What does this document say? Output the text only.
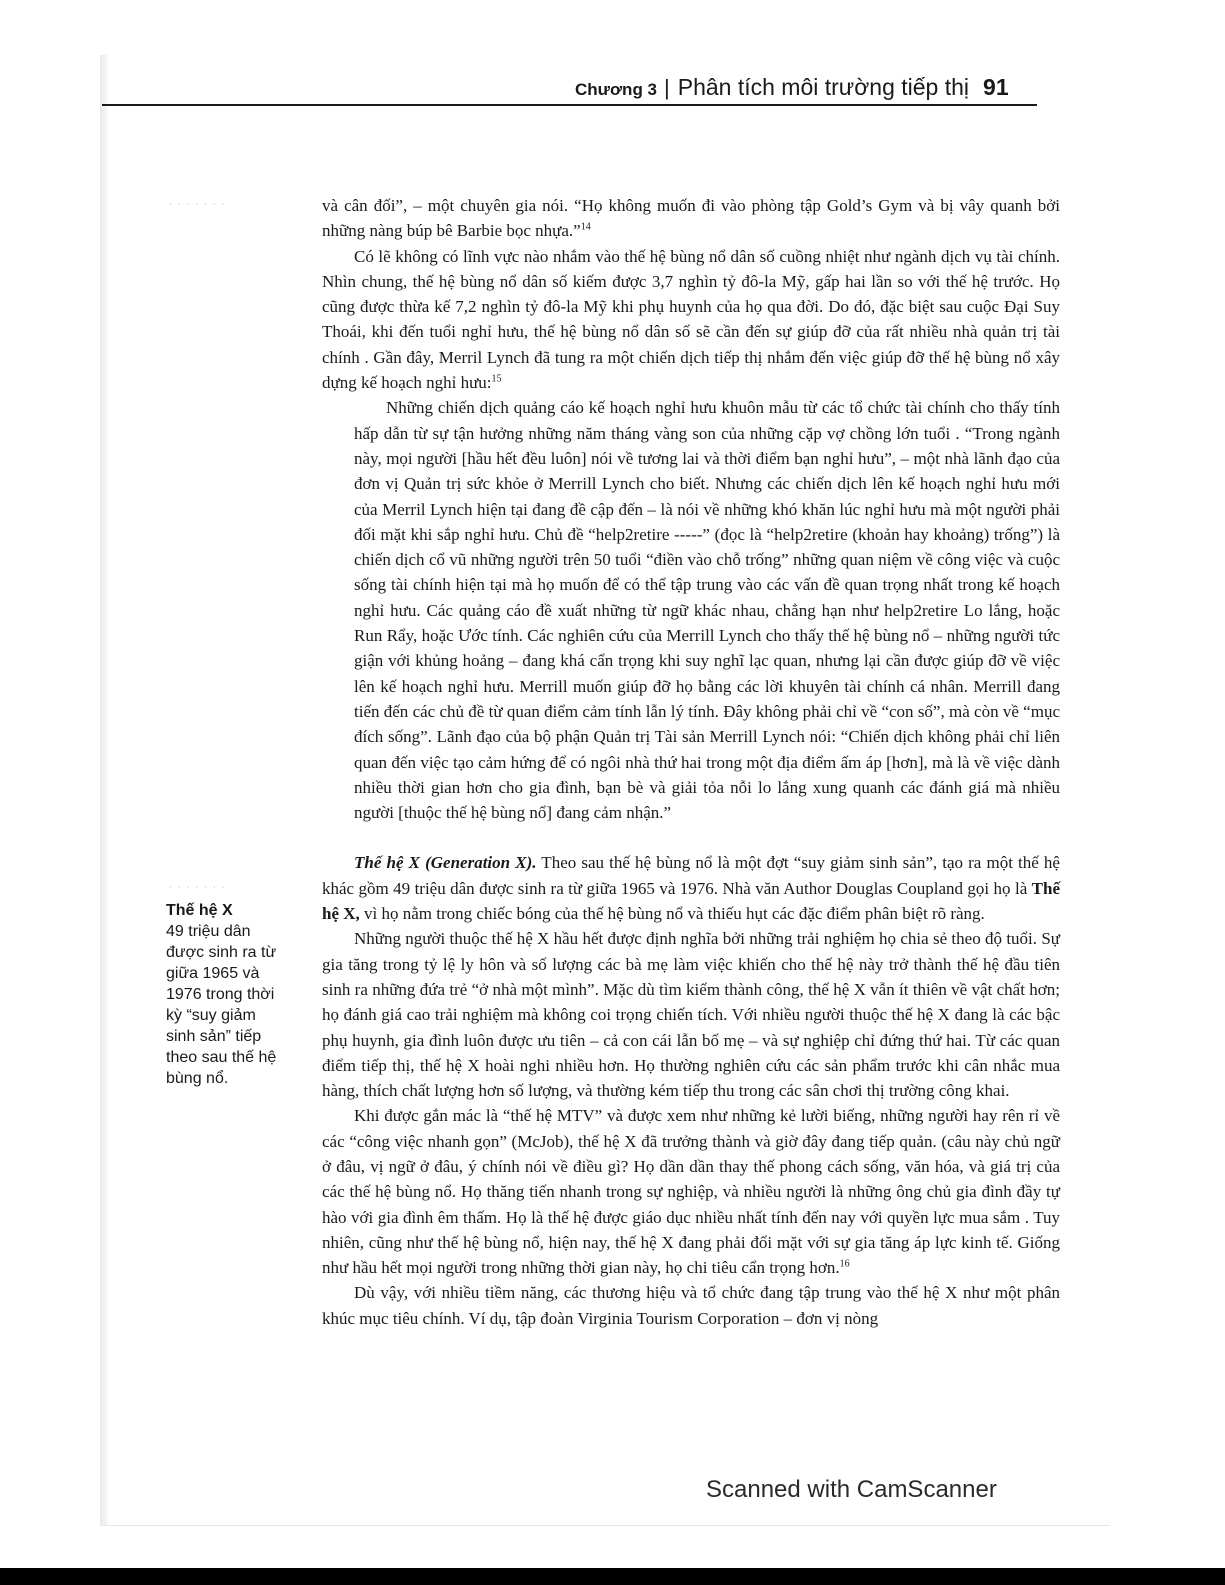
· · · · · · ·
· · · · · · ·
Chương 3 | Phân tích môi trường tiếp thị 91
Thế hệ X
49 triệu dân
được sinh ra từ
giữa 1965 và
1976 trong thời
kỳ “suy giảm
sinh sản” tiếp
theo sau thế hệ
bùng nổ.

và cân đối”, – một chuyên gia nói. “Họ không muốn đi vào phòng tập Gold’s Gym và bị vây quanh bởi những nàng búp bê Barbie bọc nhựa.”$^{14}$

Có lẽ không có lĩnh vực nào nhắm vào thế hệ bùng nổ dân số cuồng nhiệt như ngành dịch vụ tài chính. Nhìn chung, thế hệ bùng nổ dân số kiếm được 3,7 nghìn tỷ đô-la Mỹ, gấp hai lần so với thế hệ trước. Họ cũng được thừa kế 7,2 nghìn tỷ đô-la Mỹ khi phụ huynh của họ qua đời. Do đó, đặc biệt sau cuộc Đại Suy Thoái, khi đến tuổi nghỉ hưu, thế hệ bùng nổ dân số sẽ cần đến sự giúp đỡ của rất nhiều nhà quản trị tài chính . Gần đây, Merril Lynch đã tung ra một chiến dịch tiếp thị nhắm đến việc giúp đỡ thế hệ bùng nổ xây dựng kế hoạch nghỉ hưu:$^{15}$

Những chiến dịch quảng cáo kế hoạch nghỉ hưu khuôn mẫu từ các tổ chức tài chính cho thấy tính hấp dẫn từ sự tận hưởng những năm tháng vàng son của những cặp vợ chồng lớn tuổi . “Trong ngành này, mọi người [hầu hết đều luôn] nói về tương lai và thời điểm bạn nghỉ hưu”, – một nhà lãnh đạo của đơn vị Quản trị sức khỏe ở Merrill Lynch cho biết. Nhưng các chiến dịch lên kế hoạch nghỉ hưu mới của Merril Lynch hiện tại đang đề cập đến – là nói về những khó khăn lúc nghỉ hưu mà một người phải đối mặt khi sắp nghỉ hưu. Chủ đề “help2retire -----” (đọc là “help2retire (khoản hay khoảng) trống”) là chiến dịch cổ vũ những người trên 50 tuổi “điền vào chỗ trống” những quan niệm về công việc và cuộc sống tài chính hiện tại mà họ muốn để có thể tập trung vào các vấn đề quan trọng nhất trong kế hoạch nghỉ hưu. Các quảng cáo đề xuất những từ ngữ khác nhau, chẳng hạn như help2retire Lo lắng, hoặc Run Rẩy, hoặc Ước tính. Các nghiên cứu của Merrill Lynch cho thấy thế hệ bùng nổ – những người tức giận với khủng hoảng – đang khá cẩn trọng khi suy nghĩ lạc quan, nhưng lại cần được giúp đỡ về việc lên kế hoạch nghỉ hưu. Merrill muốn giúp đỡ họ bằng các lời khuyên tài chính cá nhân. Merrill đang tiến đến các chủ đề từ quan điểm cảm tính lẫn lý tính. Đây không phải chỉ về “con số”, mà còn về “mục đích sống”. Lãnh đạo của bộ phận Quản trị Tài sản Merrill Lynch nói: “Chiến dịch không phải chỉ liên quan đến việc tạo cảm hứng để có ngôi nhà thứ hai trong một địa điểm ấm áp [hơn], mà là về việc dành nhiều thời gian hơn cho gia đình, bạn bè và giải tỏa nỗi lo lắng xung quanh các đánh giá mà nhiều người [thuộc thế hệ bùng nổ] đang cảm nhận.”

Thế hệ X (Generation X). Theo sau thế hệ bùng nổ là một đợt “suy giảm sinh sản”, tạo ra một thế hệ khác gồm 49 triệu dân được sinh ra từ giữa 1965 và 1976. Nhà văn Author Douglas Coupland gọi họ là Thế hệ X, vì họ nằm trong chiếc bóng của thế hệ bùng nổ và thiếu hụt các đặc điểm phân biệt rõ ràng.

Những người thuộc thế hệ X hầu hết được định nghĩa bởi những trải nghiệm họ chia sẻ theo độ tuổi. Sự gia tăng trong tỷ lệ ly hôn và số lượng các bà mẹ làm việc khiến cho thế hệ này trở thành thế hệ đầu tiên sinh ra những đứa trẻ “ở nhà một mình”. Mặc dù tìm kiếm thành công, thế hệ X vẫn ít thiên về vật chất hơn; họ đánh giá cao trải nghiệm mà không coi trọng chiến tích. Với nhiều người thuộc thế hệ X đang là các bậc phụ huynh, gia đình luôn được ưu tiên – cả con cái lẫn bố mẹ – và sự nghiệp chỉ đứng thứ hai. Từ các quan điểm tiếp thị, thế hệ X hoài nghi nhiều hơn. Họ thường nghiên cứu các sản phẩm trước khi cân nhắc mua hàng, thích chất lượng hơn số lượng, và thường kém tiếp thu trong các sân chơi thị trường công khai.

Khi được gắn mác là “thế hệ MTV” và được xem như những kẻ lười biếng, những người hay rên rỉ về các “công việc nhanh gọn” (McJob), thế hệ X đã trưởng thành và giờ đây đang tiếp quản. (câu này chủ ngữ ở đâu, vị ngữ ở đâu, ý chính nói về điều gì? Họ dần dần thay thế phong cách sống, văn hóa, và giá trị của các thế hệ bùng nổ. Họ thăng tiến nhanh trong sự nghiệp, và nhiều người là những ông chủ gia đình đầy tự hào với gia đình êm thấm. Họ là thế hệ được giáo dục nhiều nhất tính đến nay với quyền lực mua sắm . Tuy nhiên, cũng như thế hệ bùng nổ, hiện nay, thế hệ X đang phải đối mặt với sự gia tăng áp lực kinh tế. Giống như hầu hết mọi người trong những thời gian này, họ chi tiêu cẩn trọng hơn.$^{16}$

Dù vậy, với nhiều tiềm năng, các thương hiệu và tổ chức đang tập trung vào thế hệ X như một phân khúc mục tiêu chính. Ví dụ, tập đoàn Virginia Tourism Corporation – đơn vị nòng

Scanned with CamScanner
